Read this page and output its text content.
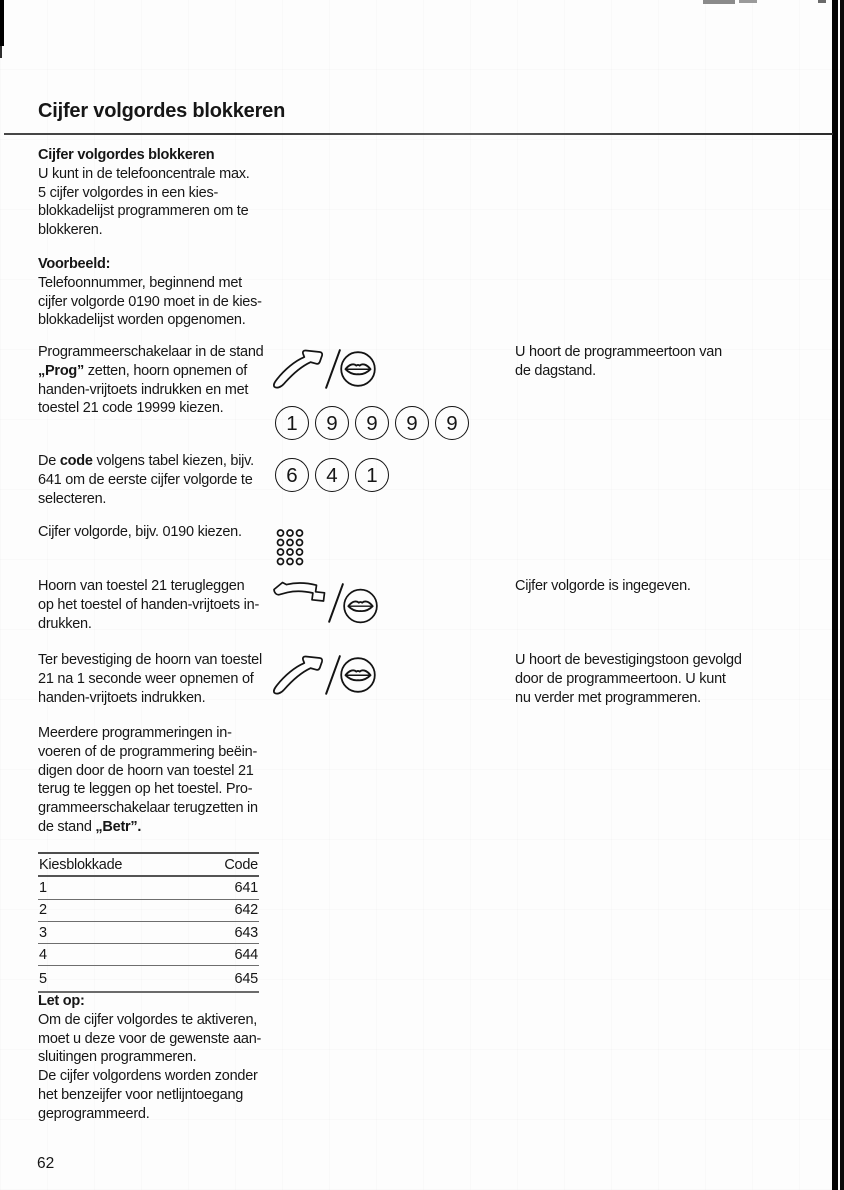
Cijfer volgordes blokkeren
Cijfer volgordes blokkeren
U kunt in de telefooncentrale max.
5 cijfer volgordes in een kies-
blokkadelijst programmeren om te
blokkeren.
Voorbeeld:
Telefoonnummer, beginnend met
cijfer volgorde 0190 moet in de kies-
blokkadelijst worden opgenomen.
Programmeerschakelaar in de stand
„Prog” zetten, hoorn opnemen of
handen-vrijtoets indrukken en met
toestel 21 code 19999 kiezen.
De code volgens tabel kiezen, bijv.
641 om de eerste cijfer volgorde te
selecteren.
Cijfer volgorde, bijv. 0190 kiezen.
Hoorn van toestel 21 terugleggen
op het toestel of handen-vrijtoets in-
drukken.
Ter bevestiging de hoorn van toestel
21 na 1 seconde weer opnemen of
handen-vrijtoets indrukken.
Meerdere programmeringen in-
voeren of de programmering beëin-
digen door de hoorn van toestel 21
terug te leggen op het toestel. Pro-
grammeerschakelaar terugzetten in
de stand „Betr”.
1	9	9	9	9
6	4	1
U hoort de programmeertoon van
de dagstand.
Cijfer volgorde is ingegeven.
U hoort de bevestigingstoon gevolgd
door de programmeertoon. U kunt
nu verder met programmeren.
Kiesblokkade	Code
1	641
2	642
3	643
4	644
5	645
Let op:
Om de cijfer volgordes te aktiveren,
moet u deze voor de gewenste aan-
sluitingen programmeren.
De cijfer volgordens worden zonder
het benzeijfer voor netlijntoegang
geprogrammeerd.
62
